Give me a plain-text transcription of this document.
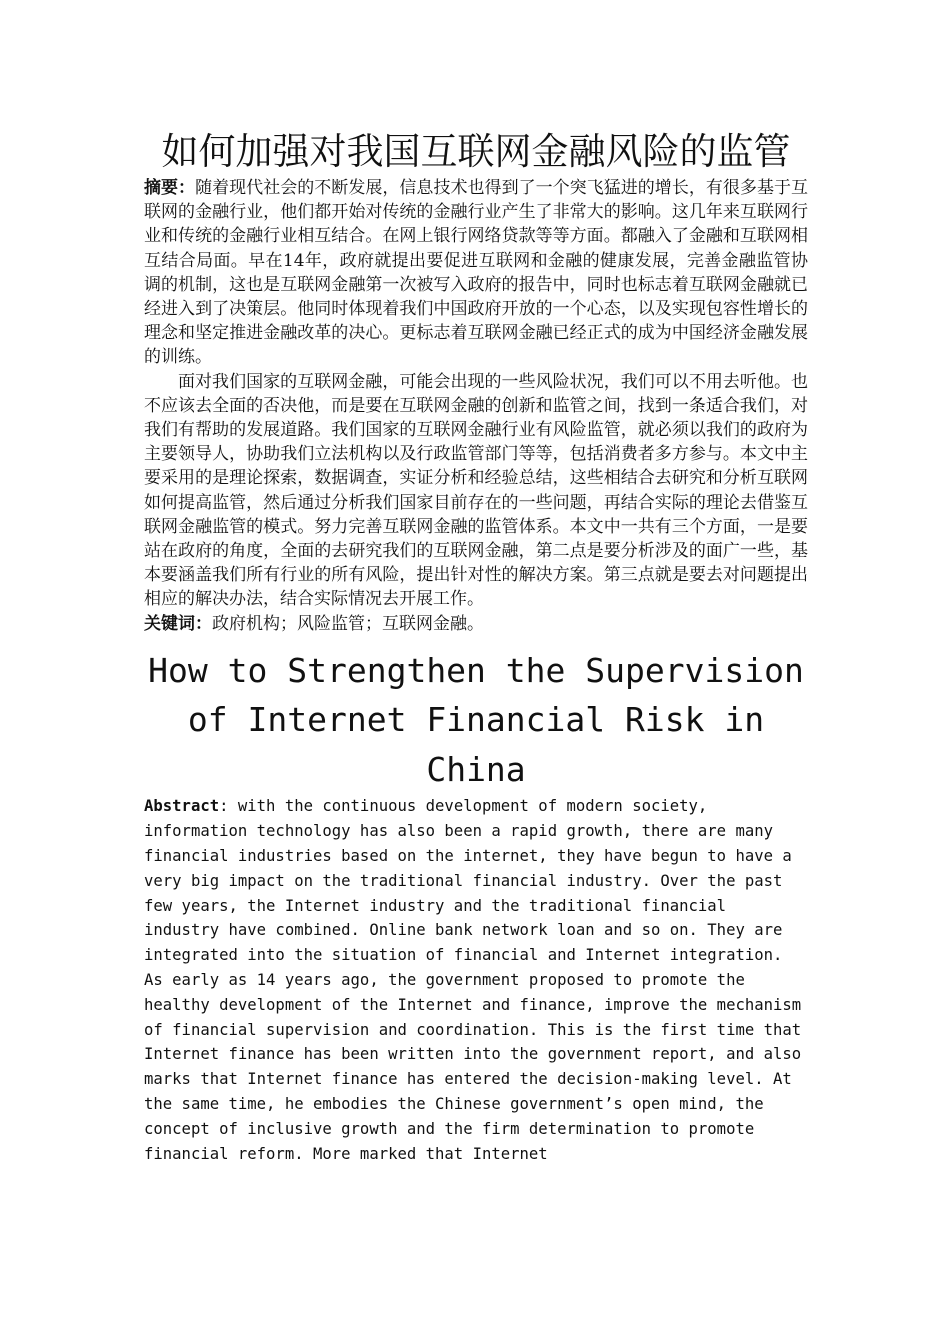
如何加强对我国互联网金融风险的监管

摘要：随着现代社会的不断发展，信息技术也得到了一个突飞猛进的增长，有很多基于互联网的金融行业，他们都开始对传统的金融行业产生了非常大的影响。这几年来互联网行业和传统的金融行业相互结合。在网上银行网络贷款等等方面。都融入了金融和互联网相互结合局面。早在14年，政府就提出要促进互联网和金融的健康发展，完善金融监管协调的机制，这也是互联网金融第一次被写入政府的报告中，同时也标志着互联网金融就已经进入到了决策层。他同时体现着我们中国政府开放的一个心态，以及实现包容性增长的理念和坚定推进金融改革的决心。更标志着互联网金融已经正式的成为中国经济金融发展的训练。

面对我们国家的互联网金融，可能会出现的一些风险状况，我们可以不用去听他。也不应该去全面的否决他，而是要在互联网金融的创新和监管之间，找到一条适合我们，对我们有帮助的发展道路。我们国家的互联网金融行业有风险监管，就必须以我们的政府为主要领导人，协助我们立法机构以及行政监管部门等等，包括消费者多方参与。本文中主要采用的是理论探索，数据调查，实证分析和经验总结，这些相结合去研究和分析互联网如何提高监管，然后通过分析我们国家目前存在的一些问题，再结合实际的理论去借鉴互联网金融监管的模式。努力完善互联网金融的监管体系。本文中一共有三个方面，一是要站在政府的角度，全面的去研究我们的互联网金融，第二点是要分析涉及的面广一些，基本要涵盖我们所有行业的所有风险，提出针对性的解决方案。第三点就是要去对问题提出相应的解决办法，结合实际情况去开展工作。

关键词：政府机构；风险监管；互联网金融。

How to Strengthen the Supervision of Internet Financial Risk in China

Abstract: with the continuous development of modern society, information technology has also been a rapid growth, there are many financial industries based on the internet, they have begun to have a very big impact on the traditional financial industry. Over the past few years, the Internet industry and the traditional financial industry have combined. Online bank network loan and so on. They are integrated into the situation of financial and Internet integration. As early as 14 years ago, the government proposed to promote the healthy development of the Internet and finance, improve the mechanism of financial supervision and coordination. This is the first time that Internet finance has been written into the government report, and also marks that Internet finance has entered the decision-making level. At the same time, he embodies the Chinese government’s open mind, the concept of inclusive growth and the firm determination to promote financial reform. More marked that Internet
